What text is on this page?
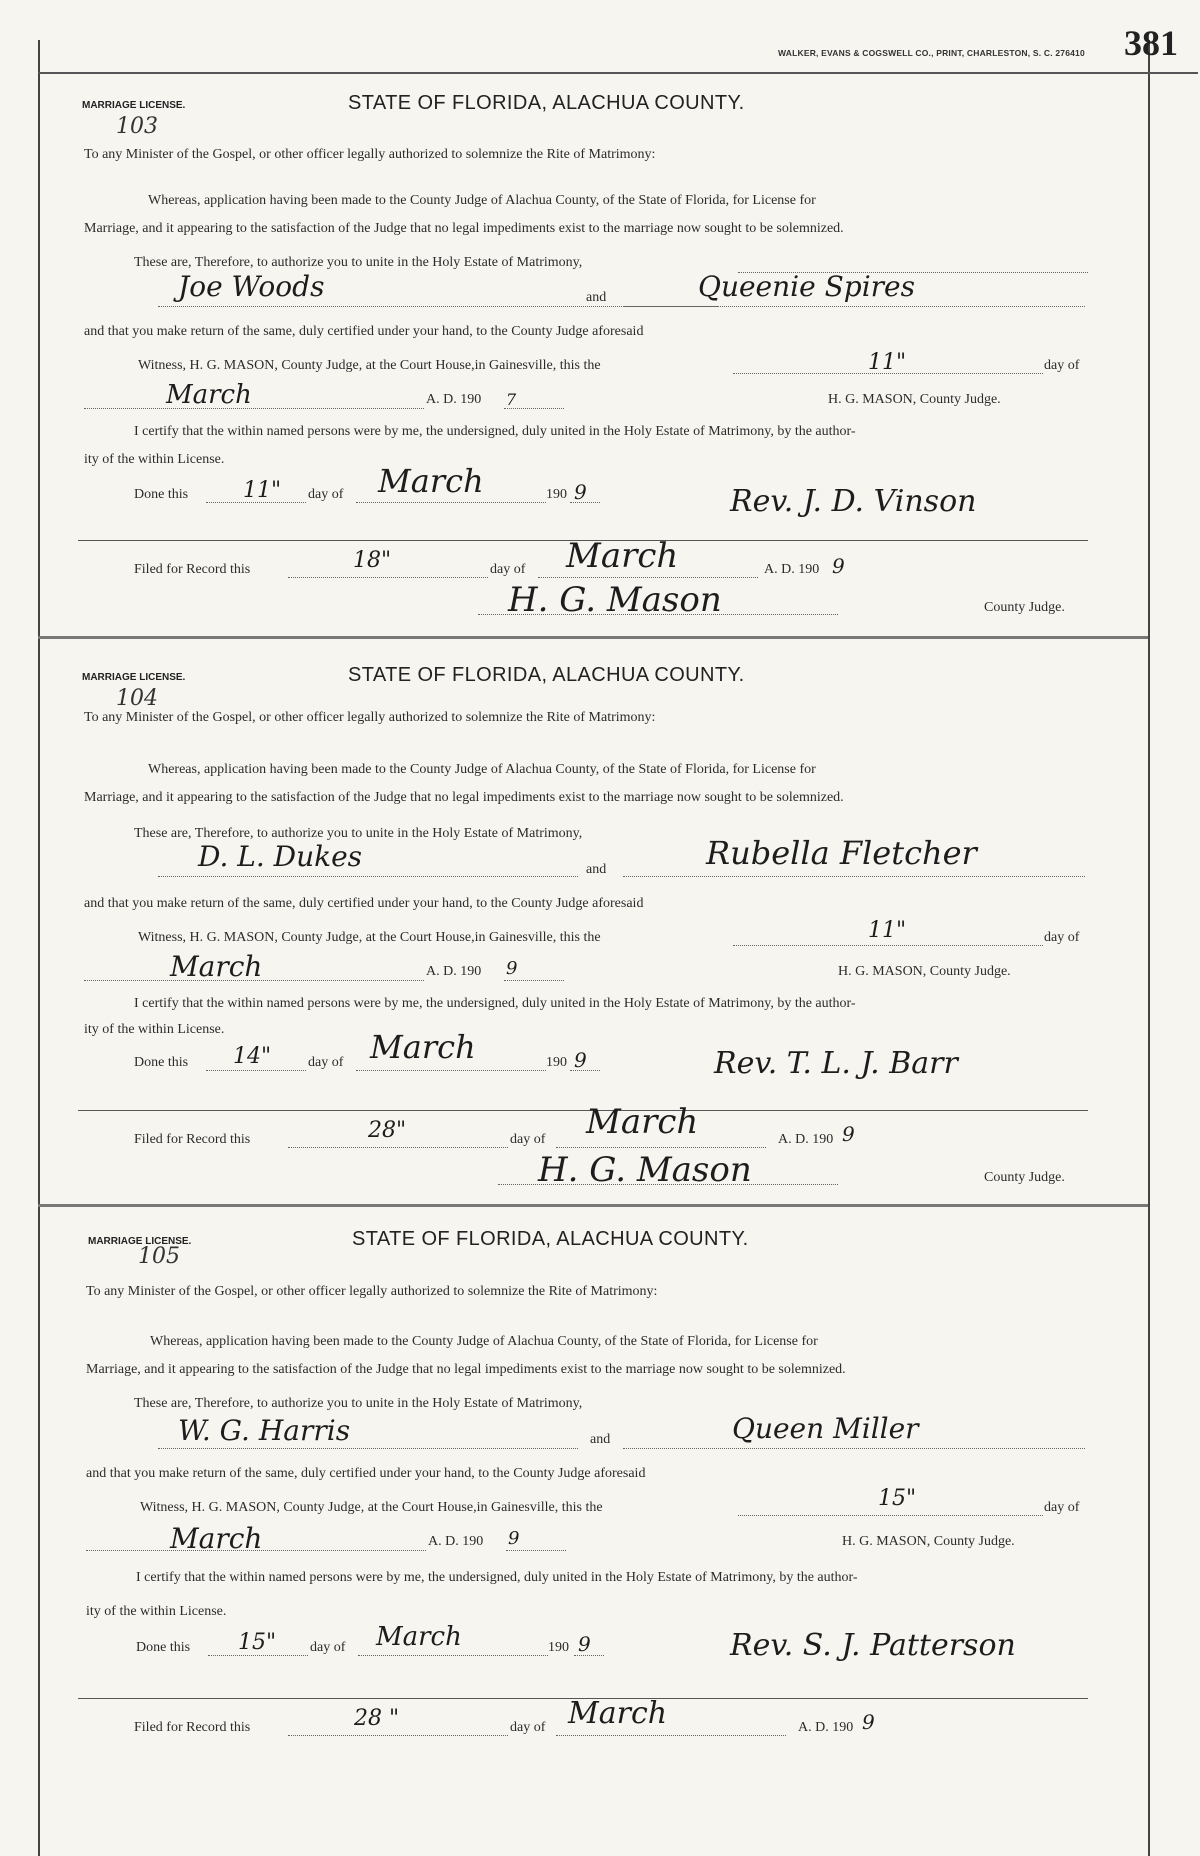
WALKER, EVANS & COGSWELL CO., PRINT, CHARLESTON, S. C. 276410 381
MARRIAGE LICENSE.
103
STATE OF FLORIDA, ALACHUA COUNTY.
To any Minister of the Gospel, or other officer legally authorized to solemnize the Rite of Matrimony:
Whereas, application having been made to the County Judge of Alachua County, of the State of Florida, for License for
Marriage, and it appearing to the satisfaction of the Judge that no legal impediments exist to the marriage now sought to be solemnized.
These are, Therefore, to authorize you to unite in the Holy Estate of Matrimony,
Joe Woods	and	Queenie Spires
and that you make return of the same, duly certified under your hand, to the County Judge aforesaid
Witness, H. G. MASON, County Judge, at the Court House,in Gainesville, this the	11"	day of
March	A. D. 190 7	H. G. MASON, County Judge.
I certify that the within named persons were by me, the undersigned, duly united in the Holy Estate of Matrimony, by the author-
ity of the within License.
Done this 11" day of March	190 9	Rev. J. D. Vinson
Filed for Record this	18"	day of March	A. D. 190 9
H. G. Mason	County Judge.
MARRIAGE LICENSE.
104
STATE OF FLORIDA, ALACHUA COUNTY.
To any Minister of the Gospel, or other officer legally authorized to solemnize the Rite of Matrimony:
Whereas, application having been made to the County Judge of Alachua County, of the State of Florida, for License for
Marriage, and it appearing to the satisfaction of the Judge that no legal impediments exist to the marriage now sought to be solemnized.
These are, Therefore, to authorize you to unite in the Holy Estate of Matrimony,
D. L. Dukes	and	Rubella Fletcher
and that you make return of the same, duly certified under your hand, to the County Judge aforesaid
Witness, H. G. MASON, County Judge, at the Court House,in Gainesville, this the	11"	day of
March	A. D. 190 9	H. G. MASON, County Judge.
I certify that the within named persons were by me, the undersigned, duly united in the Holy Estate of Matrimony, by the author-
ity of the within License.
Done this 14"	day of March	190 9	Rev. T. L. J. Barr
Filed for Record this	28"	day of March	A. D. 190 9
H. G. Mason	County Judge.
MARRIAGE LICENSE.
105
STATE OF FLORIDA, ALACHUA COUNTY.
To any Minister of the Gospel, or other officer legally authorized to solemnize the Rite of Matrimony:
Whereas, application having been made to the County Judge of Alachua County, of the State of Florida, for License for
Marriage, and it appearing to the satisfaction of the Judge that no legal impediments exist to the marriage now sought to be solemnized.
These are, Therefore, to authorize you to unite in the Holy Estate of Matrimony,
W. G. Harris	and	Queen Miller
and that you make return of the same, duly certified under your hand, to the County Judge aforesaid
Witness, H. G. MASON, County Judge, at the Court House,in Gainesville, this the	15"	day of
March	A. D. 190 9	H. G. MASON, County Judge.
I certify that the within named persons were by me, the undersigned, duly united in the Holy Estate of Matrimony, by the author-
ity of the within License.
Done this 15" day of March	190 9	Rev. S. J. Patterson
Filed for Record this	28 "	day of March	A. D. 190 9
